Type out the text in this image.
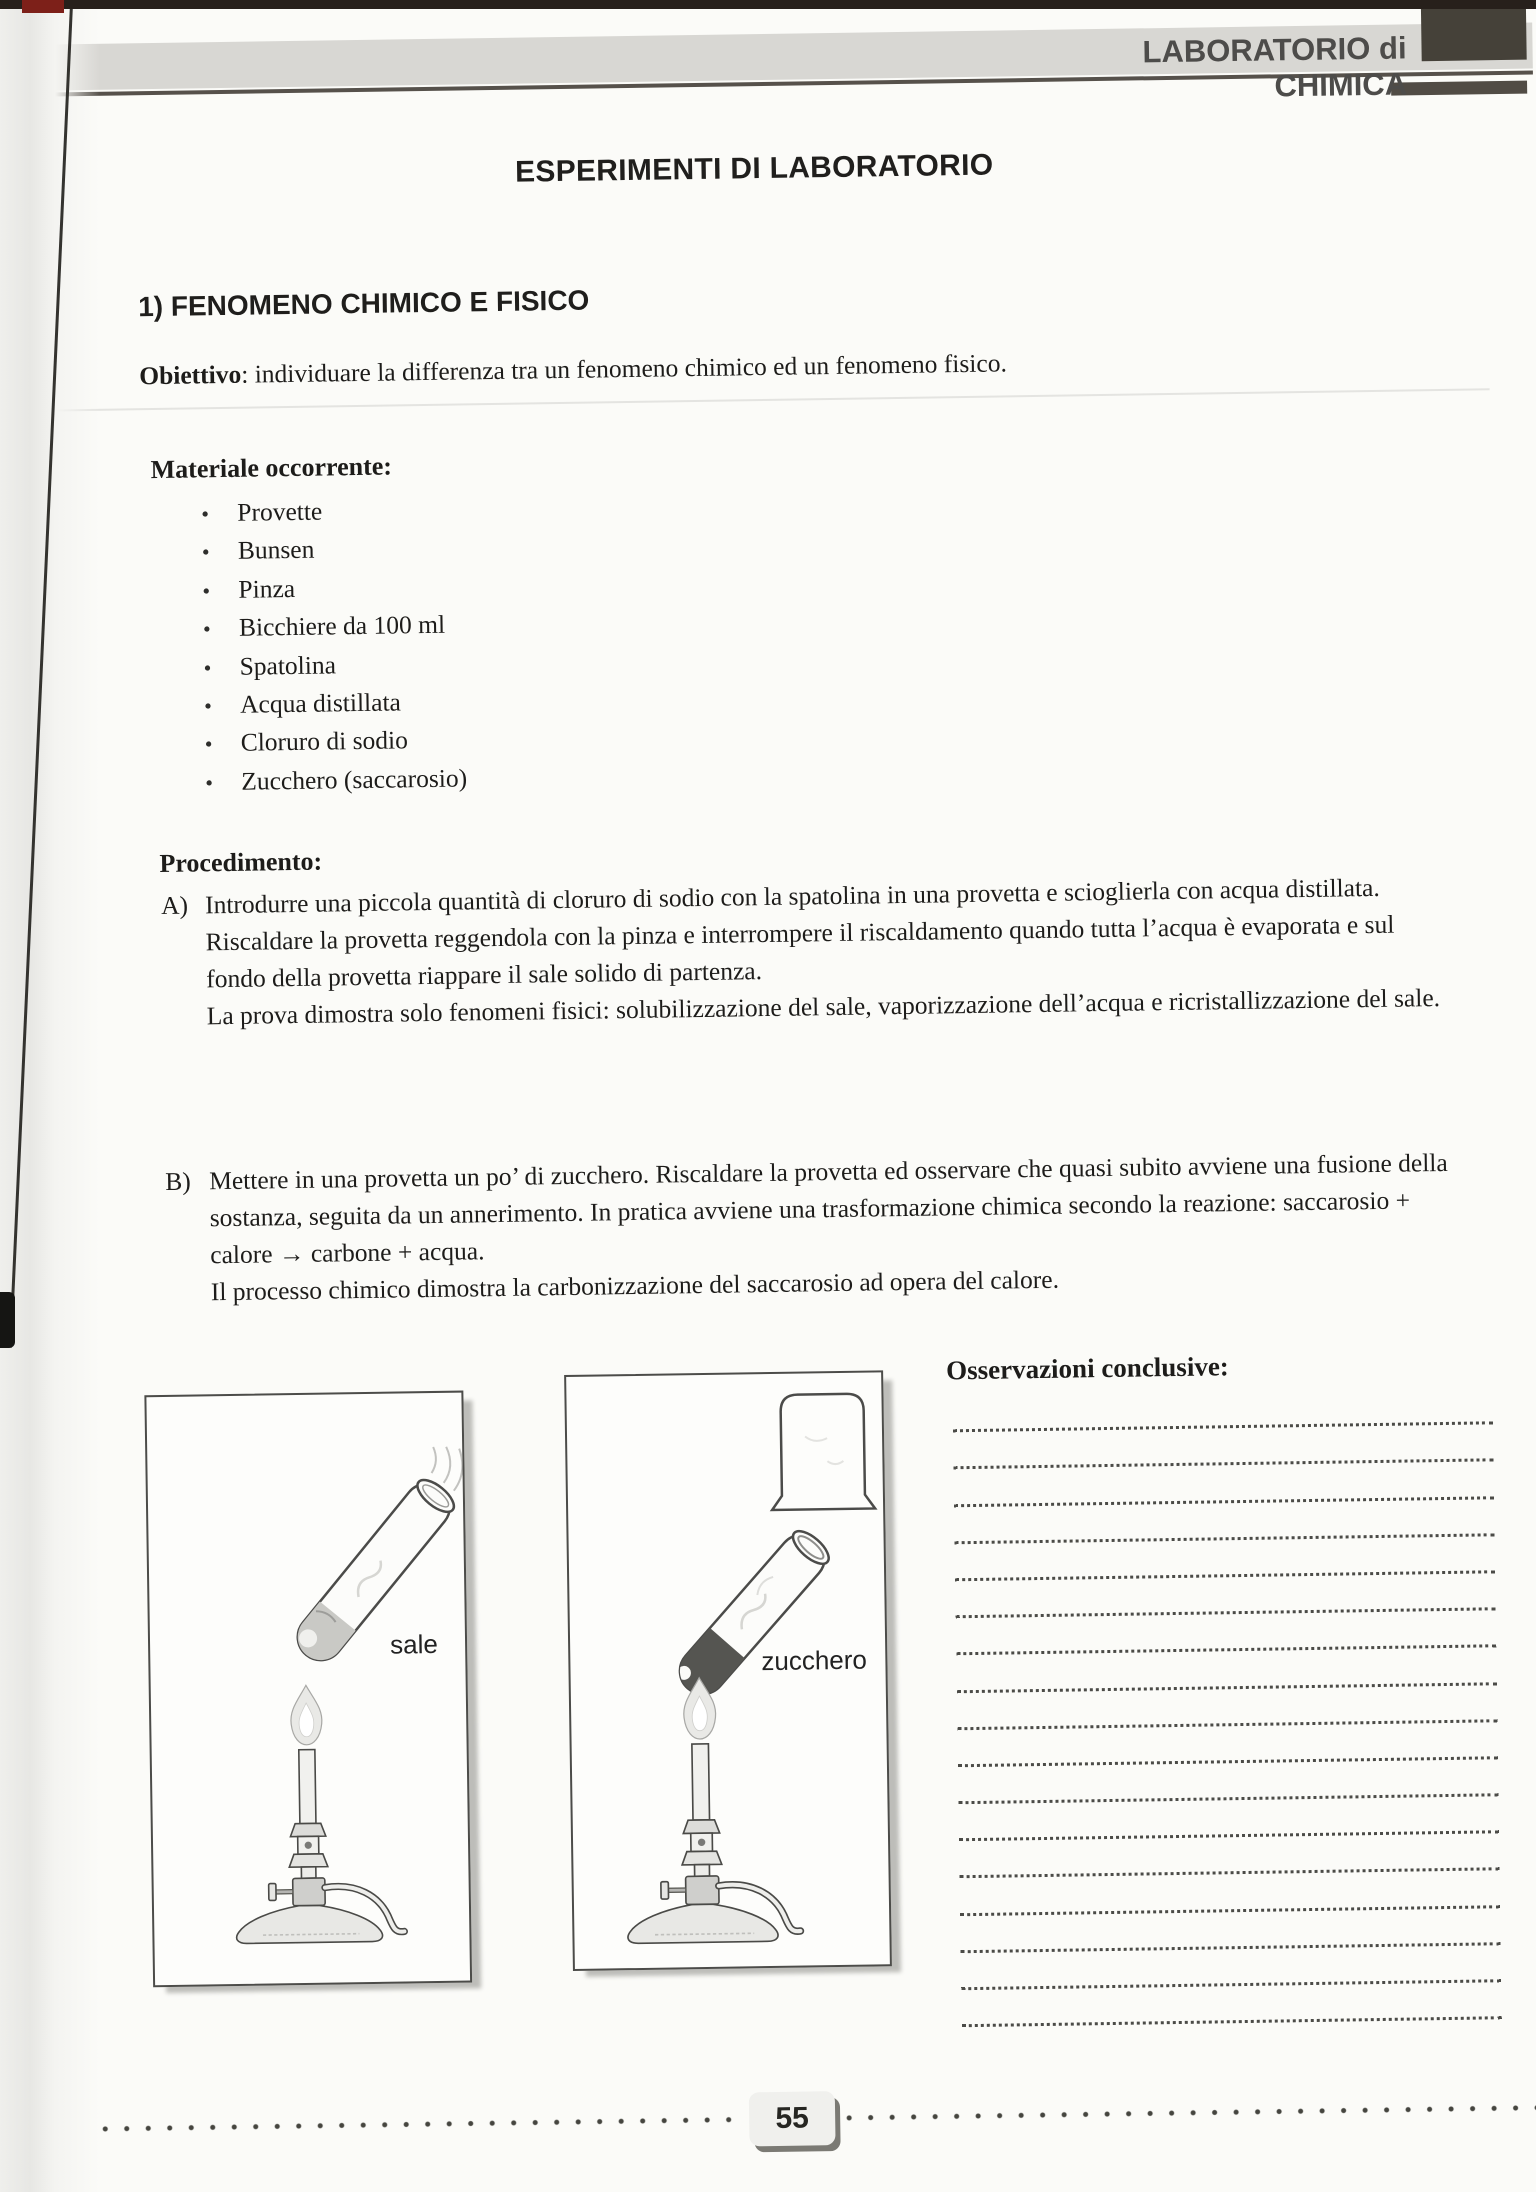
LABORATORIO di CHIMICA
ESPERIMENTI DI LABORATORIO
1) FENOMENO CHIMICO E FISICO

Obiettivo: individuare la differenza tra un fenomeno chimico ed un fenomeno fisico.

Materiale occorrente:

• Provette
• Bunsen
• Pinza
• Bicchiere da 100 ml
• Spatolina
• Acqua distillata
• Cloruro di sodio
• Zucchero (saccarosio)

Procedimento:

A) Introdurre una piccola quantità di cloruro di sodio con la spatolina in una provetta e scioglierla con acqua distillata.

Riscaldare la provetta reggendola con la pinza e interrompere il riscaldamento quando tutta l’acqua è evaporata e sul fondo della provetta riappare il sale solido di partenza.

La prova dimostra solo fenomeni fisici: solubilizzazione del sale, vaporizzazione dell’acqua e ricristallizzazione del sale.

B) Mettere in una provetta un po’ di zucchero. Riscaldare la provetta ed osservare che quasi subito avviene una fusione della sostanza, seguita da un annerimento. In pratica avviene una trasformazione chimica secondo la reazione: saccarosio + calore → carbone + acqua.

Il processo chimico dimostra la carbonizzazione del saccarosio ad opera del calore.

sale
zucchero

Osservazioni conclusive:

55
